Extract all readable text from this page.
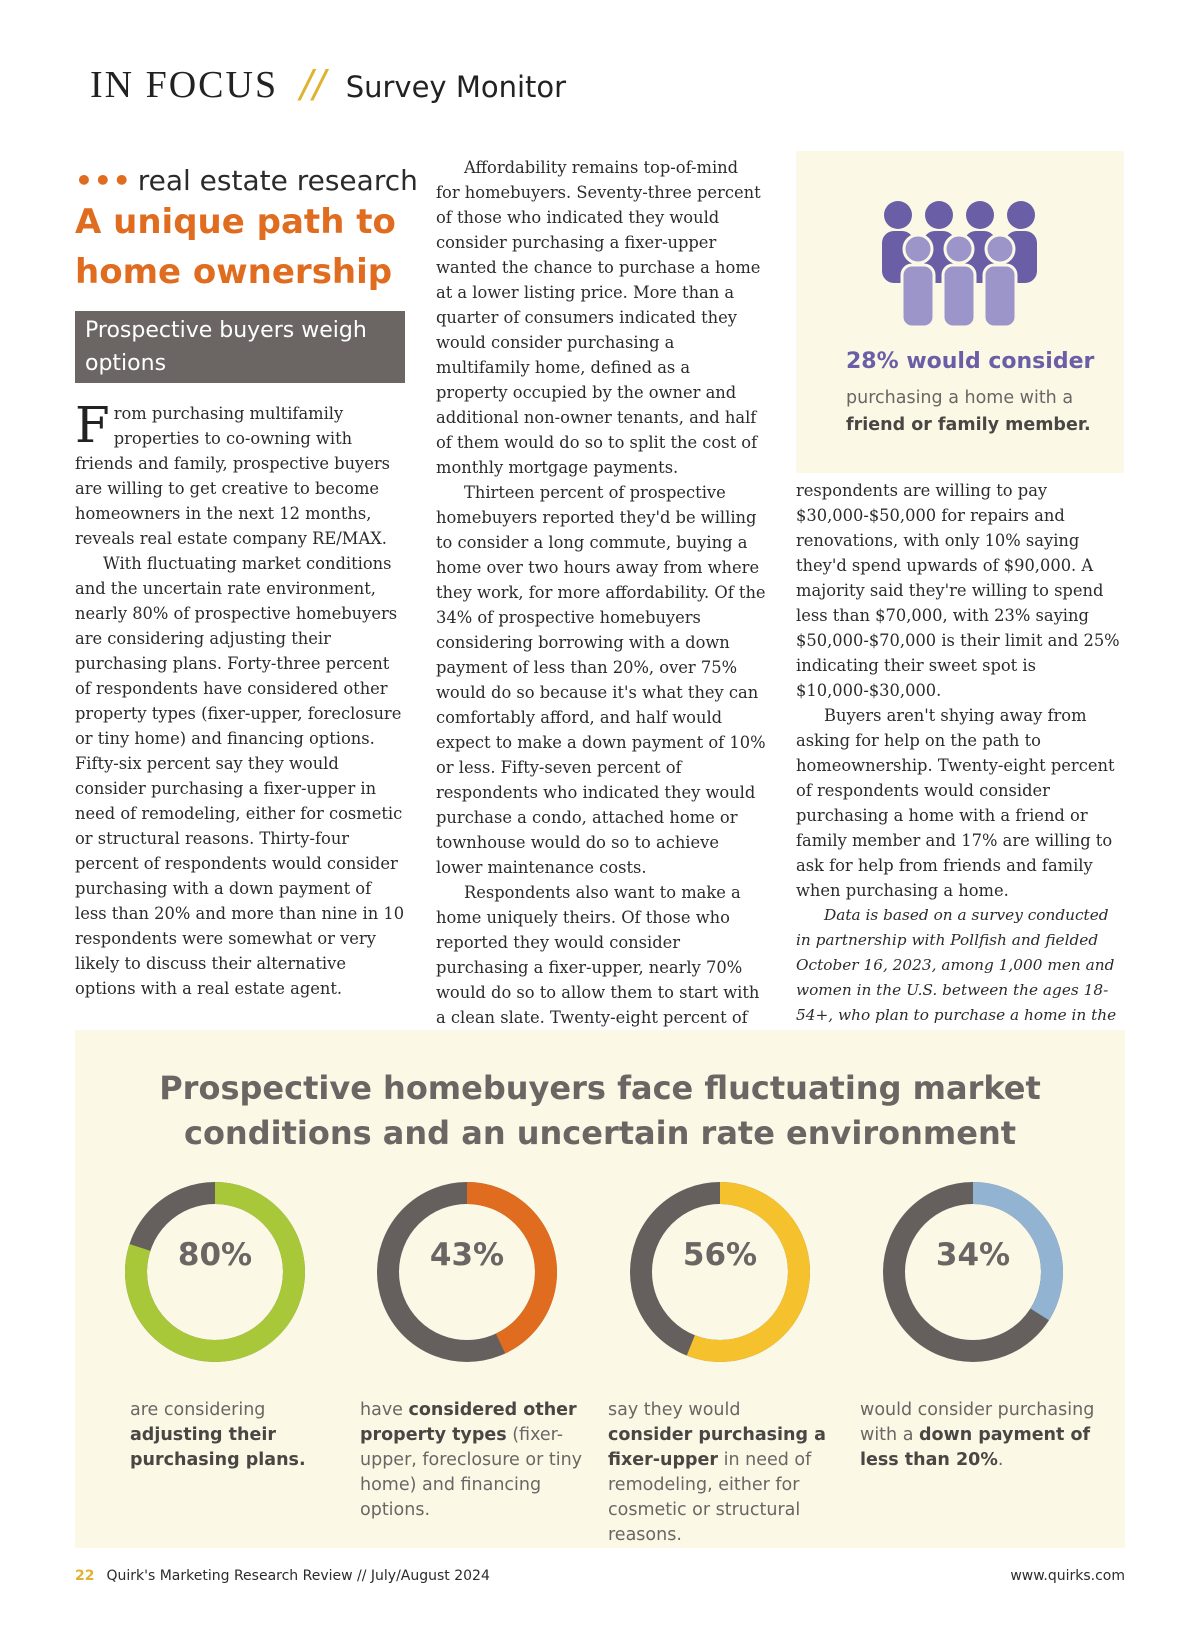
IN FOCUS // Survey Monitor
••• real estate research
A unique path to
home ownership
Prospective buyers weigh options

From purchasing multifamily properties to co-owning with friends and family, prospective buyers are willing to get creative to become homeowners in the next 12 months, reveals real estate company RE/MAX.

With fluctuating market conditions and the uncertain rate environment, nearly 80% of prospective homebuyers are considering adjusting their purchasing plans. Forty-three percent of respondents have considered other property types (fixer-upper, foreclosure or tiny home) and financing options. Fifty-six percent say they would consider purchasing a fixer-upper in need of remodeling, either for cosmetic or structural reasons. Thirty-four percent of respondents would consider purchasing with a down payment of less than 20% and more than nine in 10 respondents were somewhat or very likely to discuss their alternative options with a real estate agent.

Affordability remains top-of-mind for homebuyers. Seventy-three percent of those who indicated they would consider purchasing a fixer-upper wanted the chance to purchase a home at a lower listing price. More than a quarter of consumers indicated they would consider purchasing a multifamily home, defined as a property occupied by the owner and additional non-owner tenants, and half of them would do so to split the cost of monthly mortgage payments.

Thirteen percent of prospective homebuyers reported they'd be willing to consider a long commute, buying a home over two hours away from where they work, for more affordability. Of the 34% of prospective homebuyers considering borrowing with a down payment of less than 20%, over 75% would do so because it's what they can comfortably afford, and half would expect to make a down payment of 10% or less. Fifty-seven percent of respondents who indicated they would purchase a condo, attached home or townhouse would do so to achieve lower maintenance costs.

Respondents also want to make a home uniquely theirs. Of those who reported they would consider purchasing a fixer-upper, nearly 70% would do so to allow them to start with a clean slate. Twenty-eight percent of

28% would consider
purchasing a home with a friend or family member.

respondents are willing to pay $30,000-$50,000 for repairs and renovations, with only 10% saying they'd spend upwards of $90,000. A majority said they're willing to spend less than $70,000, with 23% saying $50,000-$70,000 is their limit and 25% indicating their sweet spot is $10,000-$30,000.

Buyers aren't shying away from asking for help on the path to homeownership. Twenty-eight percent of respondents would consider purchasing a home with a friend or family member and 17% are willing to ask for help from friends and family when purchasing a home.

Data is based on a survey conducted in partnership with Pollfish and fielded October 16, 2023, among 1,000 men and women in the U.S. between the ages 18-54+, who plan to purchase a home in the

Prospective homebuyers face fluctuating market
conditions and an uncertain rate environment
80%
are considering adjusting their purchasing plans.
43%
have considered other property types (fixer-upper, foreclosure or tiny home) and financing options.
56%
say they would consider purchasing a fixer-upper in need of remodeling, either for cosmetic or structural reasons.
34%
would consider purchasing with a down payment of less than 20%.
22 Quirk's Marketing Research Review // July/August 2024	www.quirks.com
